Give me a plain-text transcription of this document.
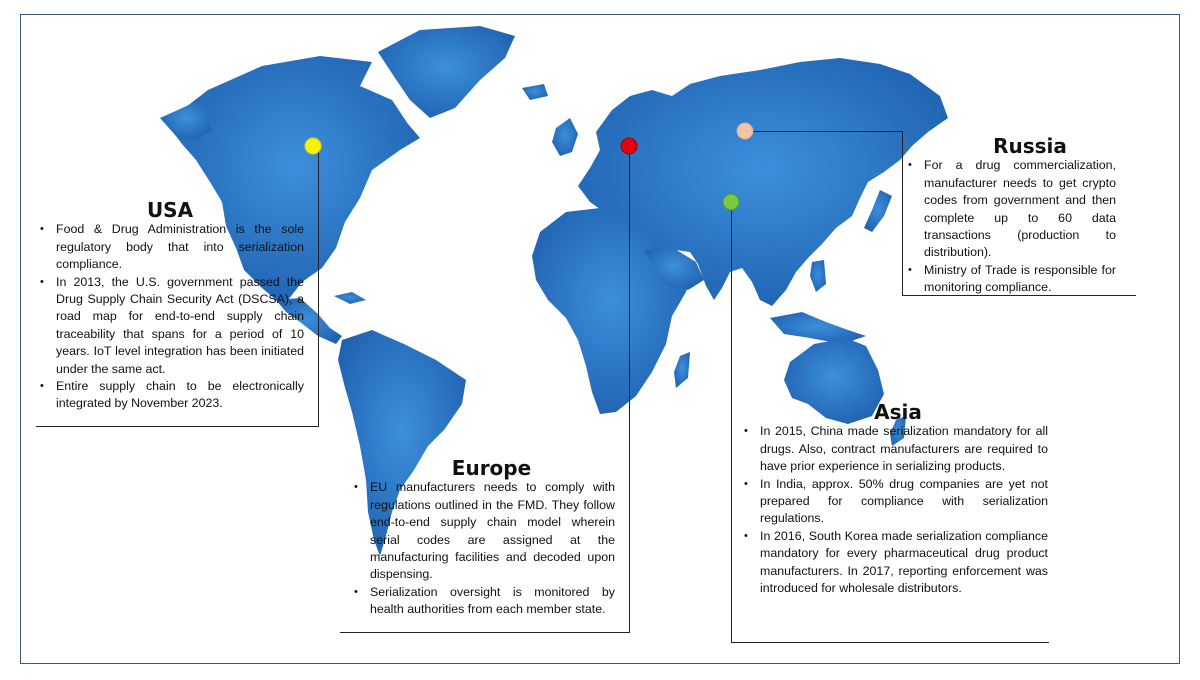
USA
• Food & Drug Administration is the sole regulatory body that into serialization compliance.
• In 2013, the U.S. government passed the Drug Supply Chain Security Act (DSCSA), a road map for end-to-end supply chain traceability that spans for a period of 10 years. IoT level integration has been initiated under the same act.
• Entire supply chain to be electronically integrated by November 2023.
Europe
• EU manufacturers needs to comply with regulations outlined in the FMD. They follow end-to-end supply chain model wherein serial codes are assigned at the manufacturing facilities and decoded upon dispensing.
• Serialization oversight is monitored by health authorities from each member state.
Russia
• For a drug commercialization, manufacturer needs to get crypto codes from government and then complete up to 60 data transactions (production to distribution).
• Ministry of Trade is responsible for monitoring compliance.
Asia
• In 2015, China made serialization mandatory for all drugs. Also, contract manufacturers are required to have prior experience in serializing products.
• In India, approx. 50% drug companies are yet not prepared for compliance with serialization regulations.
• In 2016, South Korea made serialization compliance mandatory for every pharmaceutical drug product manufacturers. In 2017, reporting enforcement was introduced for wholesale distributors.
